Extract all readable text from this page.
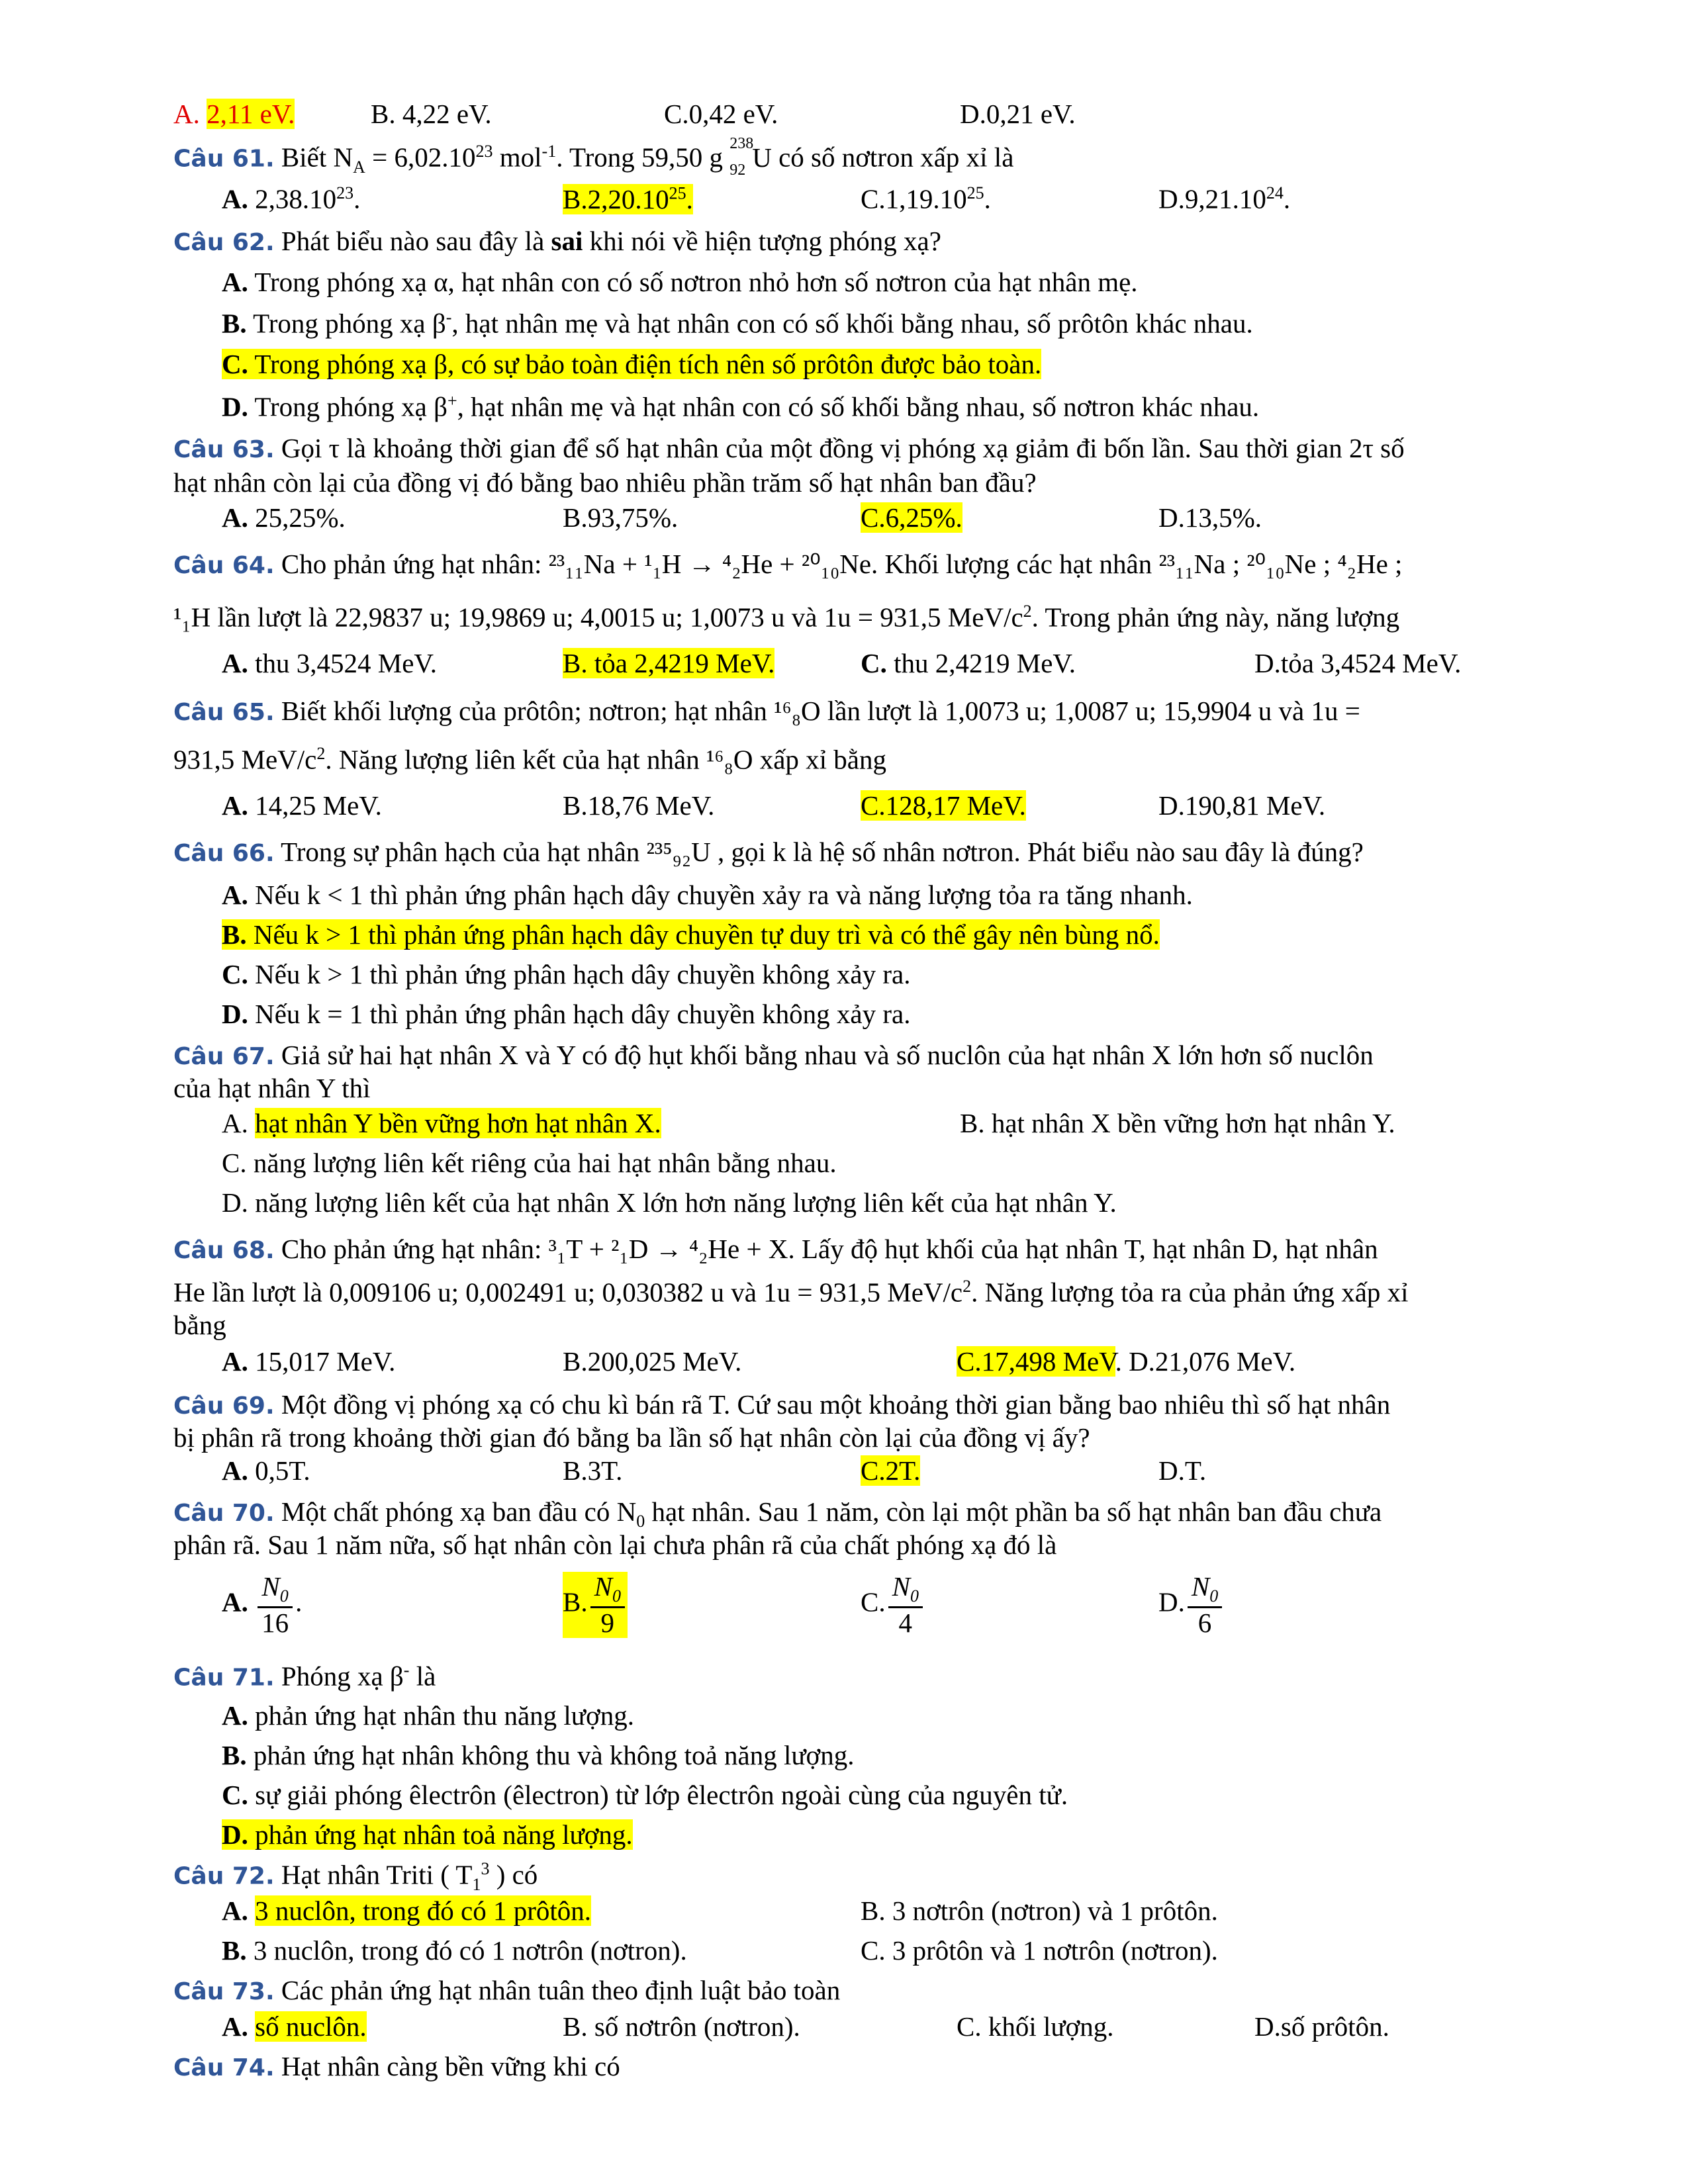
A. 2,11 eV.	B. 4,22 eV.	C.0,42 eV.	D.0,21 eV.
Câu 61. Biết $N_A = 6,02.10^{23}$ mol$^{-1}$. Trong 59,50 g 238
92 U có số nơtron xấp xỉ là
A. 2,38.10$^{23}$.	B.2,20.10$^{25}$.	C.1,19.10$^{25}$.	D.9,21.10$^{24}$.
Câu 62. Phát biểu nào sau đây là sai khi nói về hiện tượng phóng xạ?
A. Trong phóng xạ α, hạt nhân con có số nơtron nhỏ hơn số nơtron của hạt nhân mẹ.
B. Trong phóng xạ β-, hạt nhân mẹ và hạt nhân con có số khối bằng nhau, số prôtôn khác nhau.
C. Trong phóng xạ β, có sự bảo toàn điện tích nên số prôtôn được bảo toàn.
D. Trong phóng xạ β+, hạt nhân mẹ và hạt nhân con có số khối bằng nhau, số nơtron khác nhau.
Câu 63. Gọi τ là khoảng thời gian để số hạt nhân của một đồng vị phóng xạ giảm đi bốn lần. Sau thời gian 2τ số
hạt nhân còn lại của đồng vị đó bằng bao nhiêu phần trăm số hạt nhân ban đầu?
A. 25,25%.	B.93,75%.	C.6,25%.	D.13,5%.
Câu 64. Cho phản ứng hạt nhân: ²³₁₁Na + ¹₁H → ⁴₂He + ²⁰₁₀Ne. Khối lượng các hạt nhân ²³₁₁Na ; ²⁰₁₀Ne ; ⁴₂He ;
¹₁H lần lượt là 22,9837 u; 19,9869 u; 4,0015 u; 1,0073 u và 1u = 931,5 MeV/$c^2$. Trong phản ứng này, năng lượng
A. thu 3,4524 MeV.	B. tỏa 2,4219 MeV.	C. thu 2,4219 MeV.	D.tỏa 3,4524 MeV.
Câu 65. Biết khối lượng của prôtôn; nơtron; hạt nhân ¹⁶₈O lần lượt là 1,0073 u; 1,0087 u; 15,9904 u và 1u =
931,5 MeV/$c^2$. Năng lượng liên kết của hạt nhân ¹⁶₈O xấp xỉ bằng
A. 14,25 MeV.	B.18,76 MeV.	C.128,17 MeV.	D.190,81 MeV.
Câu 66. Trong sự phân hạch của hạt nhân ²³⁵₉₂U , gọi k là hệ số nhân nơtron. Phát biểu nào sau đây là đúng?
A. Nếu k < 1 thì phản ứng phân hạch dây chuyền xảy ra và năng lượng tỏa ra tăng nhanh.
B. Nếu k > 1 thì phản ứng phân hạch dây chuyền tự duy trì và có thể gây nên bùng nổ.
C. Nếu k > 1 thì phản ứng phân hạch dây chuyền không xảy ra.
D. Nếu k = 1 thì phản ứng phân hạch dây chuyền không xảy ra.
Câu 67. Giả sử hai hạt nhân X và Y có độ hụt khối bằng nhau và số nuclôn của hạt nhân X lớn hơn số nuclôn
của hạt nhân Y thì
A. hạt nhân Y bền vững hơn hạt nhân X.	B. hạt nhân X bền vững hơn hạt nhân Y.
C. năng lượng liên kết riêng của hai hạt nhân bằng nhau.
D. năng lượng liên kết của hạt nhân X lớn hơn năng lượng liên kết của hạt nhân Y.
Câu 68. Cho phản ứng hạt nhân: ³₁T + ²₁D → ⁴₂He + X. Lấy độ hụt khối của hạt nhân T, hạt nhân D, hạt nhân
He lần lượt là 0,009106 u; 0,002491 u; 0,030382 u và 1u = 931,5 MeV/$c^2$. Năng lượng tỏa ra của phản ứng xấp xỉ
bằng
A. 15,017 MeV.	B.200,025 MeV.	C.17,498 MeV. D.21,076 MeV.
Câu 69. Một đồng vị phóng xạ có chu kì bán rã T. Cứ sau một khoảng thời gian bằng bao nhiêu thì số hạt nhân
bị phân rã trong khoảng thời gian đó bằng ba lần số hạt nhân còn lại của đồng vị ấy?
A. 0,5T.	B.3T.	C.2T.	D.T.
Câu 70. Một chất phóng xạ ban đầu có $N_0$ hạt nhân. Sau 1 năm, còn lại một phần ba số hạt nhân ban đầu chưa
phân rã. Sau 1 năm nữa, số hạt nhân còn lại chưa phân rã của chất phóng xạ đó là
A. $\frac{N_0}{16}$ .	B. $\frac{N_0}{9}$	C. $\frac{N_0}{4}$	D. $\frac{N_0}{6}$
Câu 71. Phóng xạ β- là
A. phản ứng hạt nhân thu năng lượng.
B. phản ứng hạt nhân không thu và không toả năng lượng.
C. sự giải phóng êlectrôn (êlectron) từ lớp êlectrôn ngoài cùng của nguyên tử.
D. phản ứng hạt nhân toả năng lượng.
Câu 72. Hạt nhân Triti ( $T_1^3$ ) có
A. 3 nuclôn, trong đó có 1 prôtôn.	B. 3 nơtrôn (nơtron) và 1 prôtôn.
B. 3 nuclôn, trong đó có 1 nơtrôn (nơtron).	C. 3 prôtôn và 1 nơtrôn (nơtron).
Câu 73. Các phản ứng hạt nhân tuân theo định luật bảo toàn
A. số nuclôn.	B. số nơtrôn (nơtron).	C. khối lượng.	D.số prôtôn.
Câu 74. Hạt nhân càng bền vững khi có
